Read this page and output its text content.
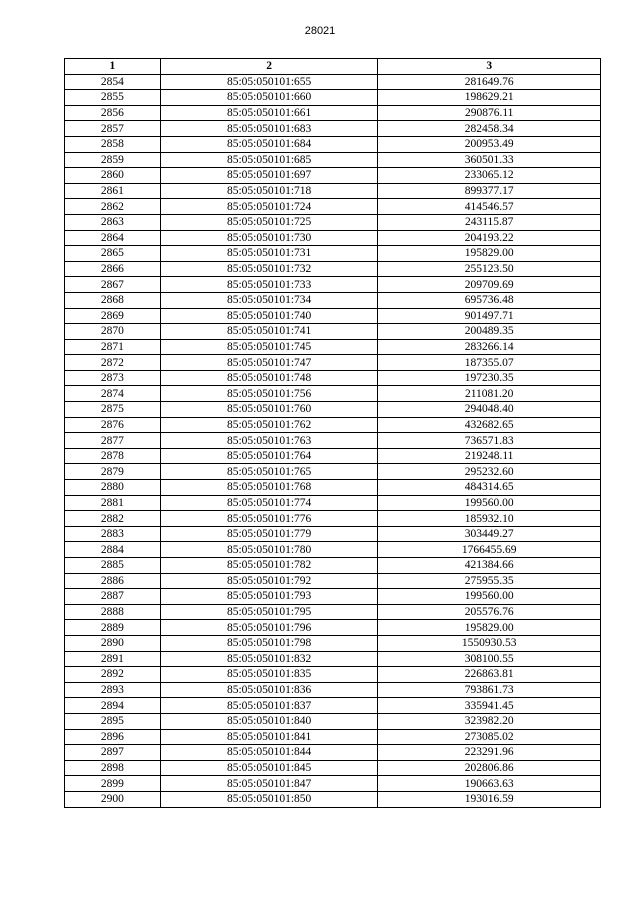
28021
1	2	3
2854	85:05:050101:655	281649.76
2855	85:05:050101:660	198629.21
2856	85:05:050101:661	290876.11
2857	85:05:050101:683	282458.34
2858	85:05:050101:684	200953.49
2859	85:05:050101:685	360501.33
2860	85:05:050101:697	233065.12
2861	85:05:050101:718	899377.17
2862	85:05:050101:724	414546.57
2863	85:05:050101:725	243115.87
2864	85:05:050101:730	204193.22
2865	85:05:050101:731	195829.00
2866	85:05:050101:732	255123.50
2867	85:05:050101:733	209709.69
2868	85:05:050101:734	695736.48
2869	85:05:050101:740	901497.71
2870	85:05:050101:741	200489.35
2871	85:05:050101:745	283266.14
2872	85:05:050101:747	187355.07
2873	85:05:050101:748	197230.35
2874	85:05:050101:756	211081.20
2875	85:05:050101:760	294048.40
2876	85:05:050101:762	432682.65
2877	85:05:050101:763	736571.83
2878	85:05:050101:764	219248.11
2879	85:05:050101:765	295232.60
2880	85:05:050101:768	484314.65
2881	85:05:050101:774	199560.00
2882	85:05:050101:776	185932.10
2883	85:05:050101:779	303449.27
2884	85:05:050101:780	1766455.69
2885	85:05:050101:782	421384.66
2886	85:05:050101:792	275955.35
2887	85:05:050101:793	199560.00
2888	85:05:050101:795	205576.76
2889	85:05:050101:796	195829.00
2890	85:05:050101:798	1550930.53
2891	85:05:050101:832	308100.55
2892	85:05:050101:835	226863.81
2893	85:05:050101:836	793861.73
2894	85:05:050101:837	335941.45
2895	85:05:050101:840	323982.20
2896	85:05:050101:841	273085.02
2897	85:05:050101:844	223291.96
2898	85:05:050101:845	202806.86
2899	85:05:050101:847	190663.63
2900	85:05:050101:850	193016.59
